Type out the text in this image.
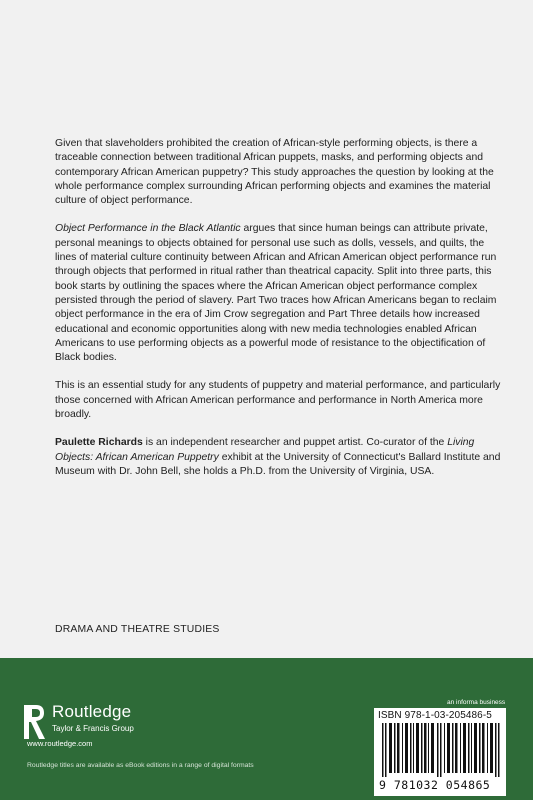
Given that slaveholders prohibited the creation of African-style performing objects, is there a traceable connection between traditional African puppets, masks, and performing objects and contemporary African American puppetry? This study approaches the question by looking at the whole performance complex surrounding African performing objects and examines the material culture of object performance.

Object Performance in the Black Atlantic argues that since human beings can attribute private, personal meanings to objects obtained for personal use such as dolls, vessels, and quilts, the lines of material culture continuity between African and African American object performance run through objects that performed in ritual rather than theatrical capacity. Split into three parts, this book starts by outlining the spaces where the African American object performance complex persisted through the period of slavery. Part Two traces how African Americans began to reclaim object performance in the era of Jim Crow segregation and Part Three details how increased educational and economic opportunities along with new media technologies enabled African Americans to use performing objects as a powerful mode of resistance to the objectification of Black bodies.

This is an essential study for any students of puppetry and material performance, and particularly those concerned with African American performance and performance in North America more broadly.

Paulette Richards is an independent researcher and puppet artist. Co-curator of the Living Objects: African American Puppetry exhibit at the University of Connecticut's Ballard Institute and Museum with Dr. John Bell, she holds a Ph.D. from the University of Virginia, USA.

DRAMA AND THEATRE STUDIES
Routledge
Taylor & Francis Group
www.routledge.com
Routledge titles are available as eBook editions in a range of digital formats
an informa business
ISBN 978-1-03-205486-5
9 781032 054865
